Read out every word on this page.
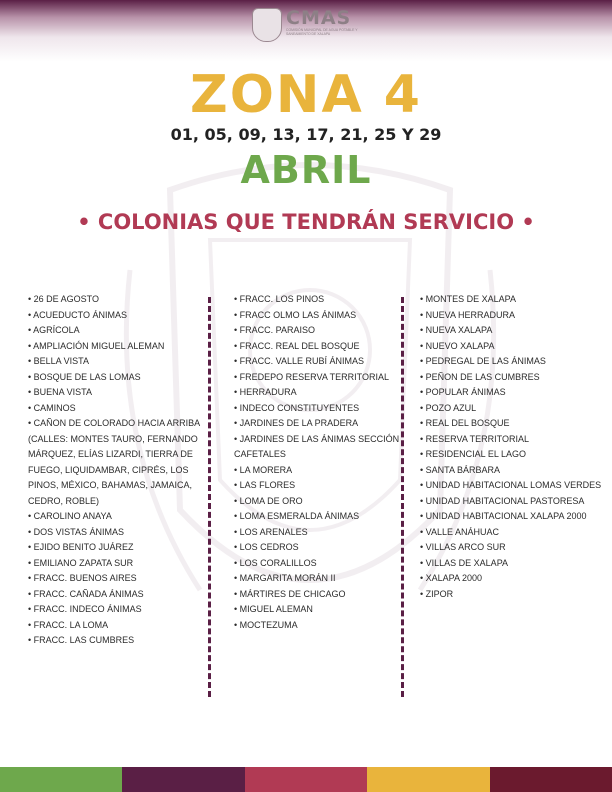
CMAS
COMISIÓN MUNICIPAL DE AGUA POTABLE Y SANEAMIENTO DE XALAPA
ZONA 4
01, 05, 09, 13, 17, 21, 25 Y 29
ABRIL
• COLONIAS QUE TENDRÁN SERVICIO •
• 26 DE AGOSTO
• ACUEDUCTO ÁNIMAS
• AGRÍCOLA
• AMPLIACIÓN MIGUEL ALEMAN
• BELLA VISTA
• BOSQUE DE LAS LOMAS
• BUENA VISTA
• CAMINOS
• CAÑON DE COLORADO HACIA ARRIBA (CALLES: MONTES TAURO, FERNANDO MÁRQUEZ, ELÍAS LIZARDI, TIERRA DE FUEGO, LIQUIDAMBAR, CIPRÉS, LOS PINOS, MÉXICO, BAHAMAS, JAMAICA, CEDRO, ROBLE)
• CAROLINO ANAYA
• DOS VISTAS ÁNIMAS
• EJIDO BENITO JUÁREZ
• EMILIANO ZAPATA SUR
• FRACC. BUENOS AIRES
• FRACC. CAÑADA ÁNIMAS
• FRACC. INDECO ÁNIMAS
• FRACC. LA LOMA
• FRACC. LAS CUMBRES
• FRACC. LOS PINOS
• FRACC OLMO LAS ÁNIMAS
• FRACC. PARAISO
• FRACC. REAL DEL BOSQUE
• FRACC. VALLE RUBÍ ÁNIMAS
• FREDEPO RESERVA TERRITORIAL
• HERRADURA
• INDECO CONSTITUYENTES
• JARDINES DE LA PRADERA
• JARDINES DE LAS ÁNIMAS SECCIÓN CAFETALES
• LA MORERA
• LAS FLORES
• LOMA DE ORO
• LOMA ESMERALDA ÁNIMAS
• LOS ARENALES
• LOS CEDROS
• LOS CORALILLOS
• MARGARITA MORÁN II
• MÁRTIRES DE CHICAGO
• MIGUEL ALEMAN
• MOCTEZUMA
• MONTES DE XALAPA
• NUEVA HERRADURA
• NUEVA XALAPA
• NUEVO XALAPA
• PEDREGAL DE LAS ÁNIMAS
• PEÑON DE LAS CUMBRES
• POPULAR ÁNIMAS
• POZO AZUL
• REAL DEL BOSQUE
• RESERVA TERRITORIAL
• RESIDENCIAL EL LAGO
• SANTA BÁRBARA
• UNIDAD HABITACIONAL LOMAS VERDES
• UNIDAD HABITACIONAL PASTORESA
• UNIDAD HABITACIONAL XALAPA 2000
• VALLE ANÁHUAC
• VILLAS ARCO SUR
• VILLAS DE XALAPA
• XALAPA 2000
• ZIPOR
